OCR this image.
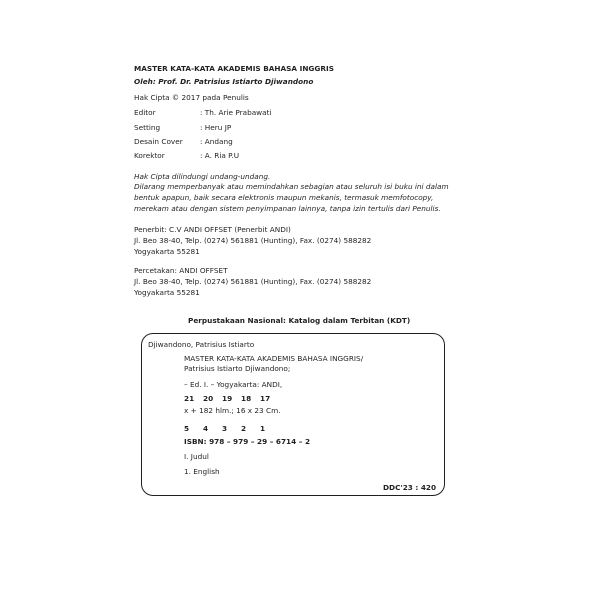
MASTER KATA-KATA AKADEMIS BAHASA INGGRIS
Oleh: Prof. Dr. Patrisius Istiarto Djiwandono
Hak Cipta © 2017 pada Penulis
Editor	: Th. Arie Prabawati
Setting	: Heru JP
Desain Cover : Andang
Korektor	: A. Ria P.U
Hak Cipta dilindungi undang-undang.
Dilarang memperbanyak atau memindahkan sebagian atau seluruh isi buku ini dalam
bentuk apapun, baik secara elektronis maupun mekanis, termasuk memfotocopy,
merekam atau dengan sistem penyimpanan lainnya, tanpa izin tertulis dari Penulis.
Penerbit: C.V ANDI OFFSET (Penerbit ANDI)
Jl. Beo 38-40, Telp. (0274) 561881 (Hunting), Fax. (0274) 588282
Yogyakarta 55281
Percetakan: ANDI OFFSET
Jl. Beo 38-40, Telp. (0274) 561881 (Hunting), Fax. (0274) 588282
Yogyakarta 55281
Perpustakaan Nasional: Katalog dalam Terbitan (KDT)
Djiwandono, Patrisius Istiarto
MASTER KATA-KATA AKADEMIS BAHASA INGGRIS/
Patrisius Istiarto Djiwandono;
– Ed. I. – Yogyakarta: ANDI,
21 20 19 18 17
x + 182 hlm.; 16 x 23 Cm.
5 4 3 2 1
ISBN: 978 – 979 – 29 – 6714 – 2
I. Judul
1. English
DDC'23 : 420
